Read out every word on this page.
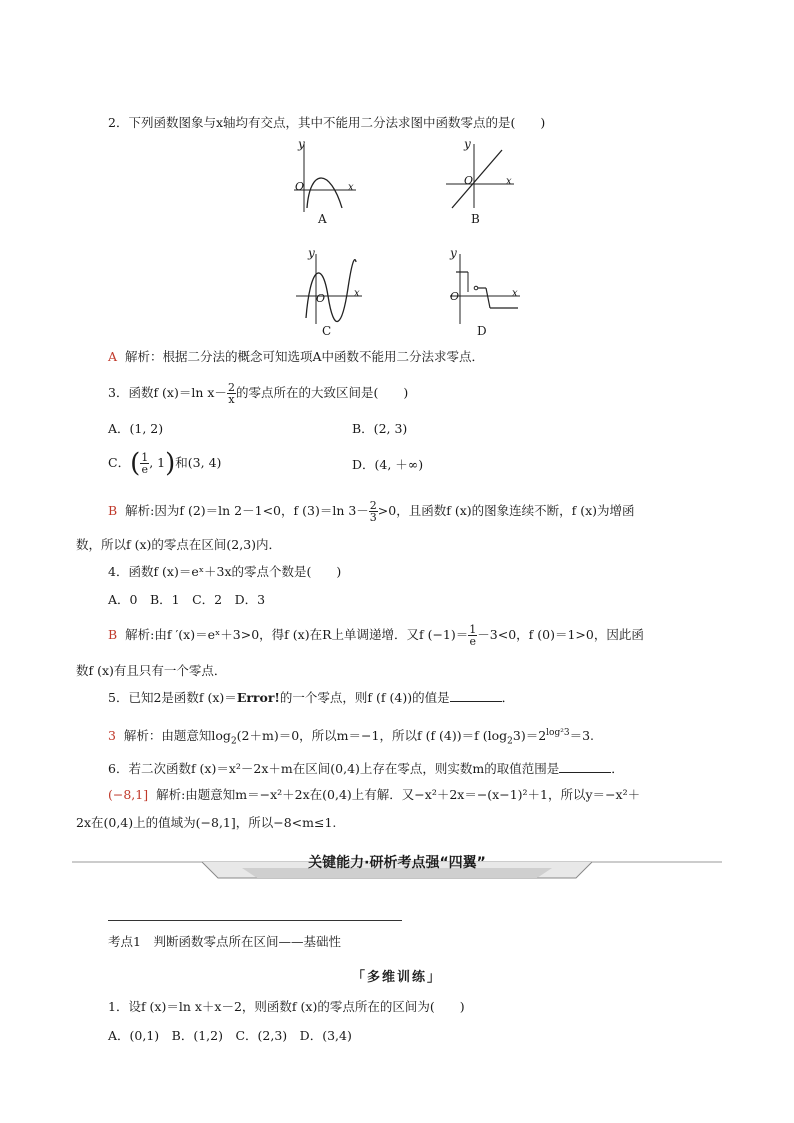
2．下列函数图象与x轴均有交点，其中不能用二分法求图中函数零点的是(　　)
y
x
O
A
y
x
O
B
y
x
O
C
y
x
O
D
A 解析：根据二分法的概念可知选项A中函数不能用二分法求零点．
3．函数f (x)＝ln $x- \frac{2}{x}$ 的零点所在的大致区间是(　　)
A．(1, 2)	B．(2, 3)
C．( $\frac{1}{e}$ , 1)和(3, 4)	D．(4, ＋∞)
B 解析:因为f (2)＝ln 2－1<0，f (3)＝ln $3- \frac{2}{3} >0$，且函数f (x)的图象连续不断，f (x)为增函
数，所以f (x)的零点在区间(2,3)内．
4．函数f (x)＝eˣ＋3x的零点个数是(　　)
A．0　B．1　C．2　D．3
B 解析:由f ′(x)＝eˣ＋3>0，得f (x)在R上单调递增．又f $(-1)= \frac{1}{e} -3<0$，f (0)＝1>0，因此函
数f (x)有且只有一个零点．
5．已知2是函数f (x)＝Error!的一个零点，则f (f (4))的值是	．
3 解析：由题意知$\log_2(2+m)=0$，所以m＝−1，所以f (f (4))＝f $(\log_23)=2^{log^23}=3$.
6．若二次函数f (x)＝x²－2x＋m在区间(0,4)上存在零点，则实数m的取值范围是	．
(−8,1] 解析:由题意知m＝−x²＋2x在(0,4)上有解．又−x²＋2x＝−(x−1)²＋1，所以y＝−x²＋
2x在(0,4)上的值域为(−8,1]，所以−8<m≤1.
关键能力·研析考点强“四翼”
考点1　判断函数零点所在区间——基础性
「多维训练」
1．设f (x)＝ln x＋x－2，则函数f (x)的零点所在的区间为(　　)
A．(0,1)　B．(1,2)　C．(2,3)　D．(3,4)
